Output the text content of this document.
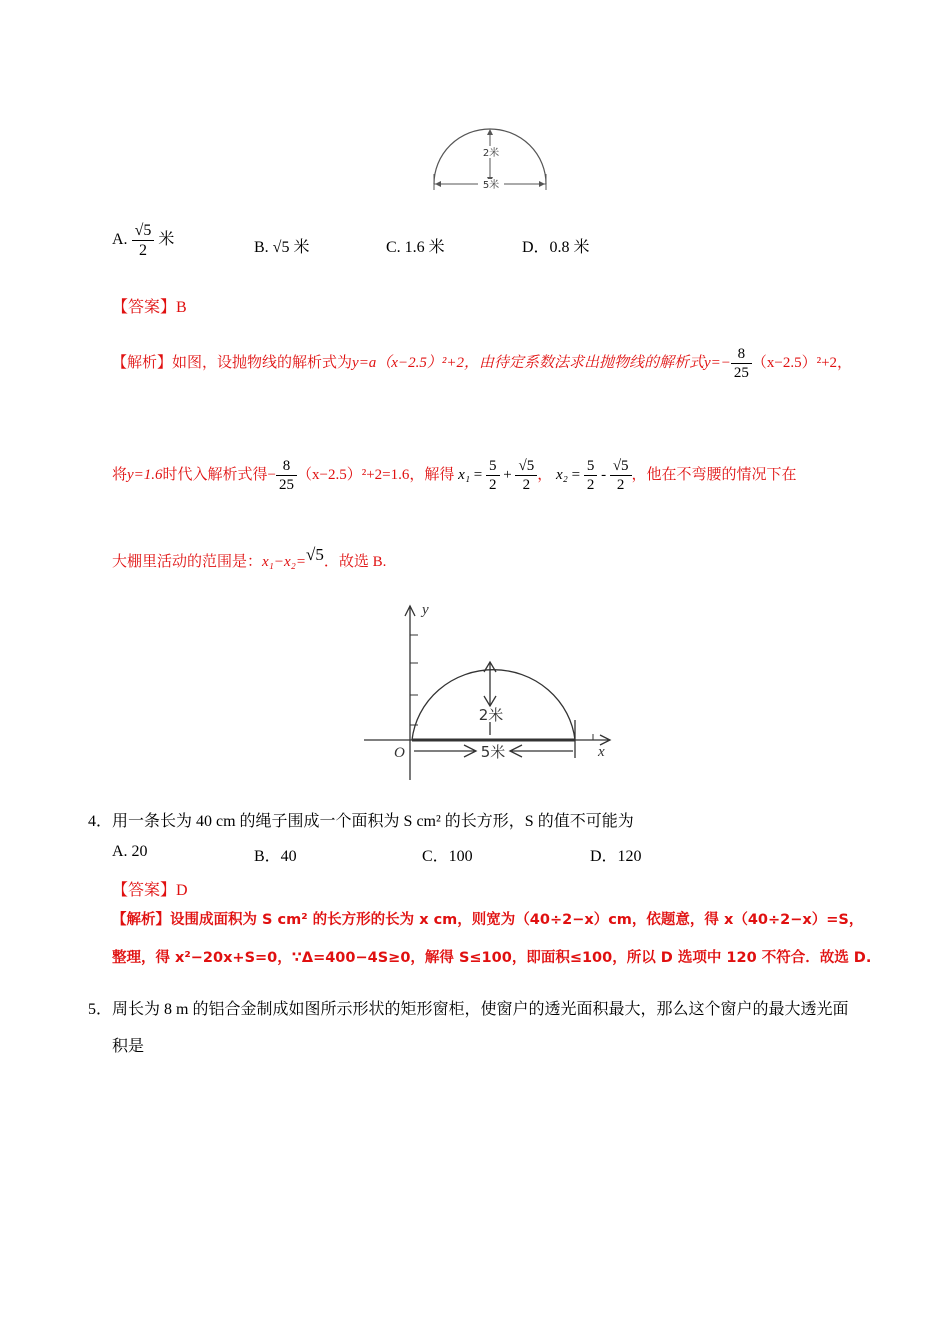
2米
5米
A. $\frac{√5}{2}$ 米	B. √5 米	C. 1.6 米	D．0.8 米
【答案】B
【解析】如图，设抛物线的解析式为y=a（x−2.5）²+2，由待定系数法求出抛物线的解析式$y=- \frac{8}{25} (x-2.5)^2+2$，
将y=1.6时代入解析式得− $\frac{8}{25} (x-2.5)^2+2=1.6$，解得 $x_1 = \frac{5}{2} + \frac{√5}{2}$ ， $x_2 = \frac{5}{2} - \frac{√5}{2}$ ，他在不弯腰的情况下在
大棚里活动的范围是：x₁−x₂=√5．故选 B.
y
x
O
2米
5米
4．用一条长为 40 cm 的绳子围成一个面积为 S cm² 的长方形，S 的值不可能为
A. 20	B．40	C．100	D．120
【答案】D
【解析】设围成面积为 S cm² 的长方形的长为 x cm，则宽为（40÷2−x）cm，依题意，得 x（40÷2−x）=S，
整理，得 x²−20x+S=0，∵Δ=400−4S≥0，解得 S≤100，即面积≤100，所以 D 选项中 120 不符合．故选 D.
5．周长为 8 m 的铝合金制成如图所示形状的矩形窗柜，使窗户的透光面积最大，那么这个窗户的最大透光面
积是
